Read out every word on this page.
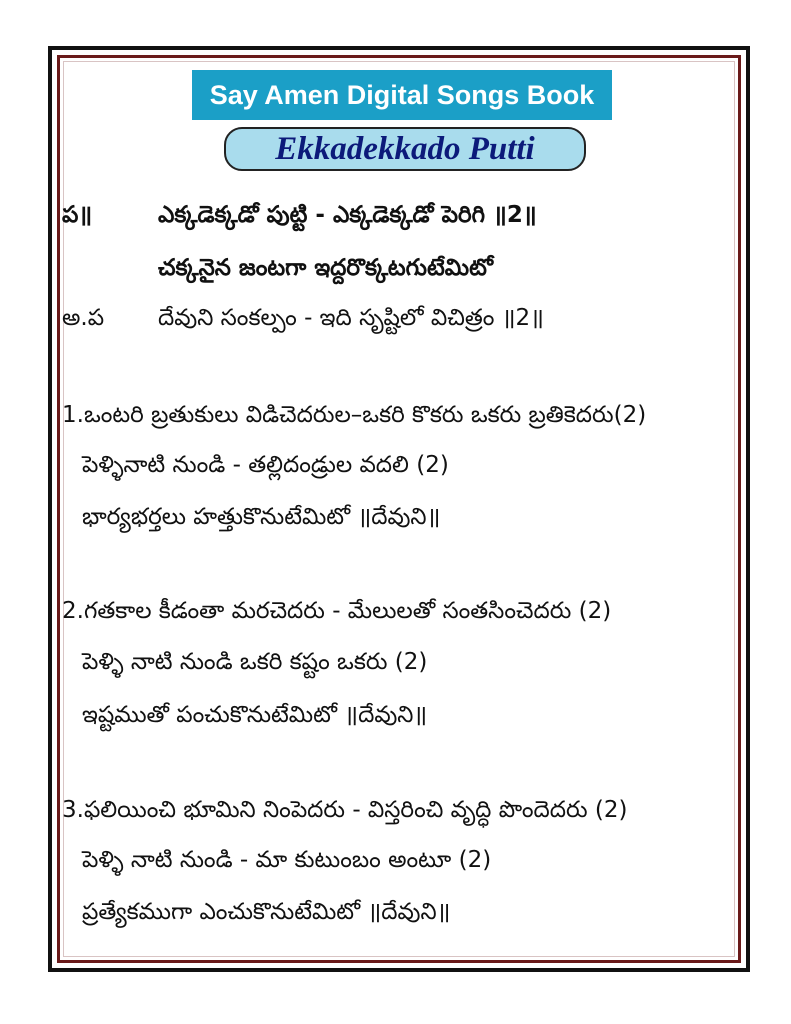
Say Amen Digital Songs Book
Ekkadekkado Putti
ప॥	ఎక్కడెక్కడో పుట్టి - ఎక్కడెక్కడో పెరిగి ॥2॥
చక్కనైన జంటగా ఇద్దరొక్కటగుటేమిటో
అ.ప దేవుని సంకల్పం - ఇది సృష్టిలో విచిత్రం ॥2॥
1.ఒంటరి బ్రతుకులు విడిచెదరుల–ఒకరి కొకరు ఒకరు బ్రతికెదరు(2)
పెళ్ళినాటి నుండి - తల్లిదండ్రుల వదలి (2)
భార్యభర్తలు హత్తుకొనుటేమిటో ॥దేవుని॥
2.గతకాల కీడంతా మరచెదరు - మేలులతో సంతసించెదరు (2)
పెళ్ళి నాటి నుండి ఒకరి కష్టం ఒకరు (2)
ఇష్టముతో పంచుకొనుటేమిటో ॥దేవుని॥
3.ఫలియించి భూమిని నింపెదరు - విస్తరించి వృద్ధి పొందెదరు (2)
పెళ్ళి నాటి నుండి - మా కుటుంబం అంటూ (2)
ప్రత్యేకముగా ఎంచుకొనుటేమిటో ॥దేవుని॥
